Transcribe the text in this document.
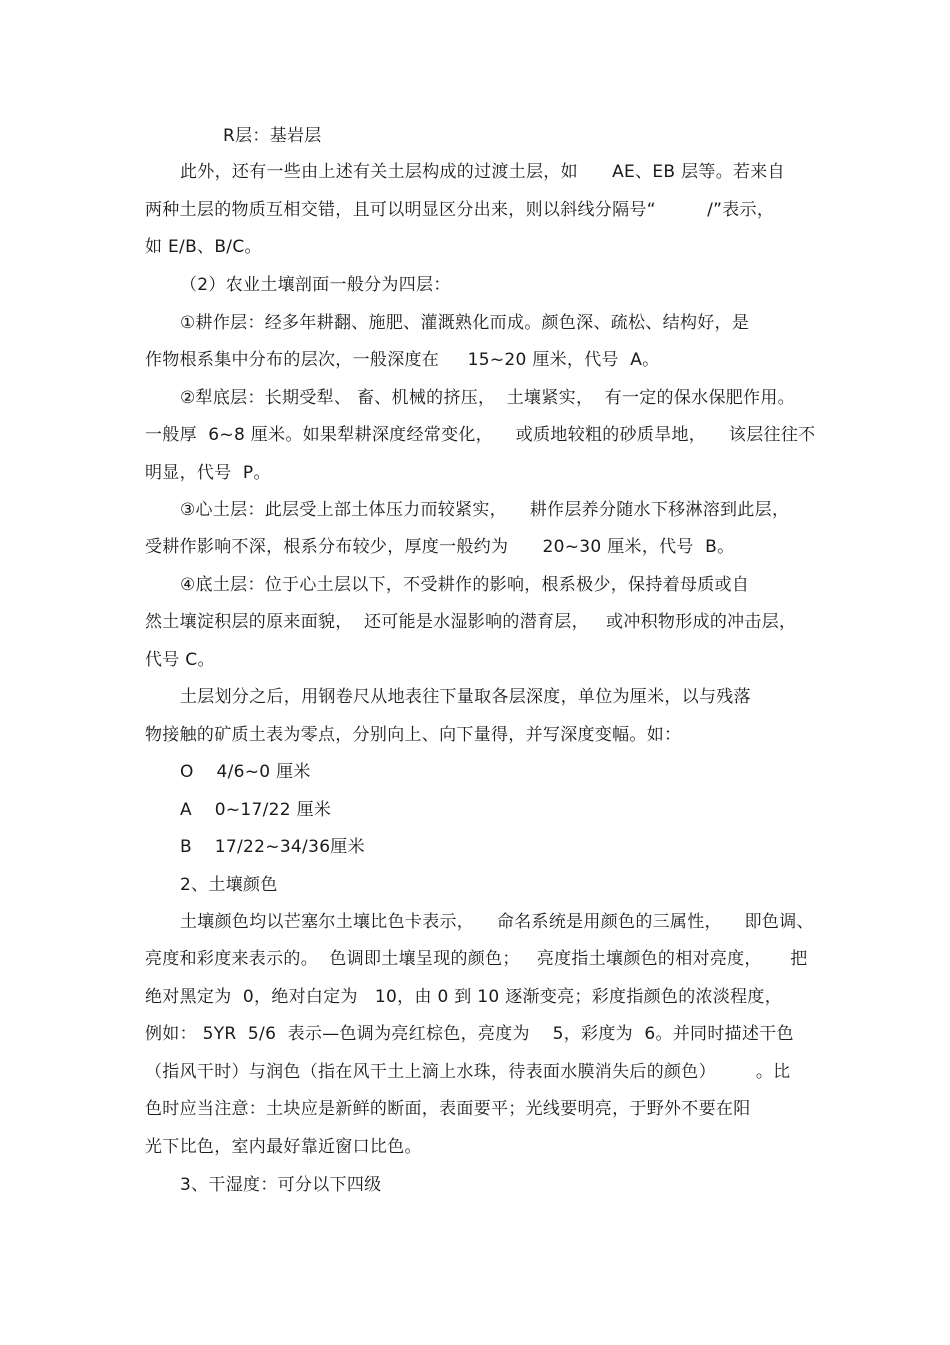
R层：基岩层
此外，还有一些由上述有关土层构成的过渡土层，如      AE、EB 层等。若来自
两种土层的物质互相交错，且可以明显区分出来，则以斜线分隔号“         /”表示，
如 E/B、B/C。
（2）农业土壤剖面一般分为四层：
①耕作层：经多年耕翻、施肥、灌溉熟化而成。颜色深、疏松、结构好，是
作物根系集中分布的层次，一般深度在     15~20 厘米，代号  A。
②犁底层：长期受犁、 畜、机械的挤压，  土壤紧实，  有一定的保水保肥作用。
一般厚  6~8 厘米。如果犁耕深度经常变化，    或质地较粗的砂质旱地，    该层往往不
明显，代号  P。
③心土层：此层受上部土体压力而较紧实，    耕作层养分随水下移淋溶到此层，
受耕作影响不深，根系分布较少，厚度一般约为      20~30 厘米，代号  B。
④底土层：位于心土层以下，不受耕作的影响，根系极少，保持着母质或自
然土壤淀积层的原来面貌，  还可能是水湿影响的潜育层，   或冲积物形成的冲击层，
代号 C。
土层划分之后，用钢卷尺从地表往下量取各层深度，单位为厘米，以与残落
物接触的矿质土表为零点，分别向上、向下量得，并写深度变幅。如：
O    4/6~0 厘米
A    0~17/22 厘米
B    17/22~34/36厘米
2、土壤颜色
土壤颜色均以芒塞尔土壤比色卡表示，    命名系统是用颜色的三属性，    即色调、
亮度和彩度来表示的。  色调即土壤呈现的颜色；   亮度指土壤颜色的相对亮度，     把
绝对黑定为  0，绝对白定为   10，由 0 到 10 逐渐变亮；彩度指颜色的浓淡程度，
例如： 5YR  5/6  表示—色调为亮红棕色，亮度为    5，彩度为  6。并同时描述干色
（指风干时）与润色（指在风干土上滴上水珠，待表面水膜消失后的颜色）       。比
色时应当注意：土块应是新鲜的断面，表面要平；光线要明亮，于野外不要在阳
光下比色，室内最好靠近窗口比色。
3、干湿度：可分以下四级
